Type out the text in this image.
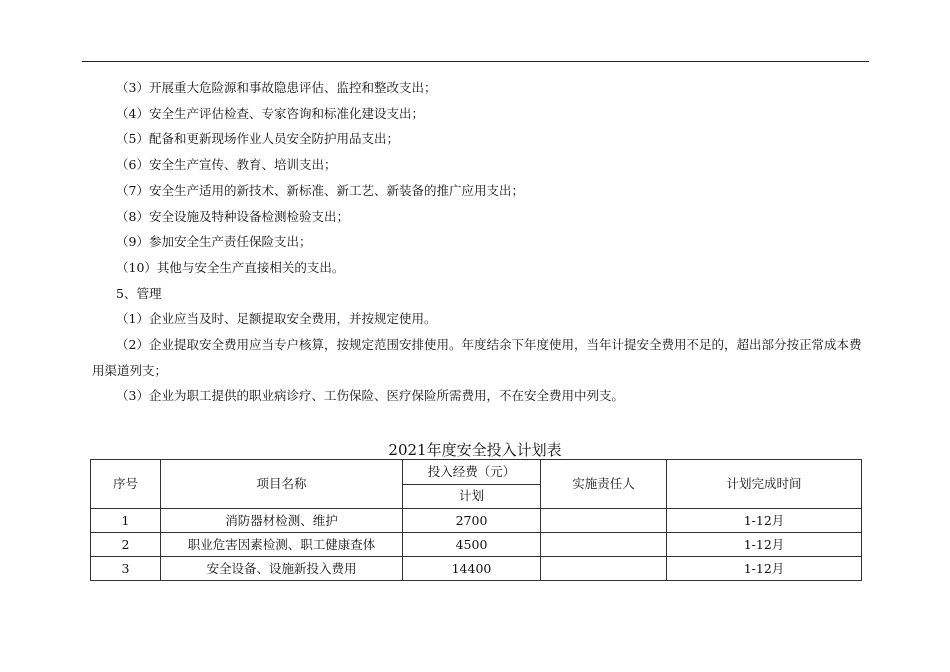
（3）开展重大危险源和事故隐患评估、监控和整改支出；

（4）安全生产评估检查、专家咨询和标准化建设支出；

（5）配备和更新现场作业人员安全防护用品支出；

（6）安全生产宣传、教育、培训支出；

（7）安全生产适用的新技术、新标准、新工艺、新装备的推广应用支出；

（8）安全设施及特种设备检测检验支出；

（9）参加安全生产责任保险支出；

（10）其他与安全生产直接相关的支出。

5、管理

（1）企业应当及时、足额提取安全费用，并按规定使用。

（2）企业提取安全费用应当专户核算，按规定范围安排使用。年度结余下年度使用，当年计提安全费用不足的，超出部分按正常成本费用渠道列支；

（3）企业为职工提供的职业病诊疗、工伤保险、医疗保险所需费用，不在安全费用中列支。

2021年度安全投入计划表
序号	项目名称	投入经费（元）	实施责任人	计划完成时间
		计划		
1	消防器材检测、维护	2700		1-12月
2	职业危害因素检测、职工健康查体	4500		1-12月
3	安全设备、设施新投入费用	14400		1-12月
